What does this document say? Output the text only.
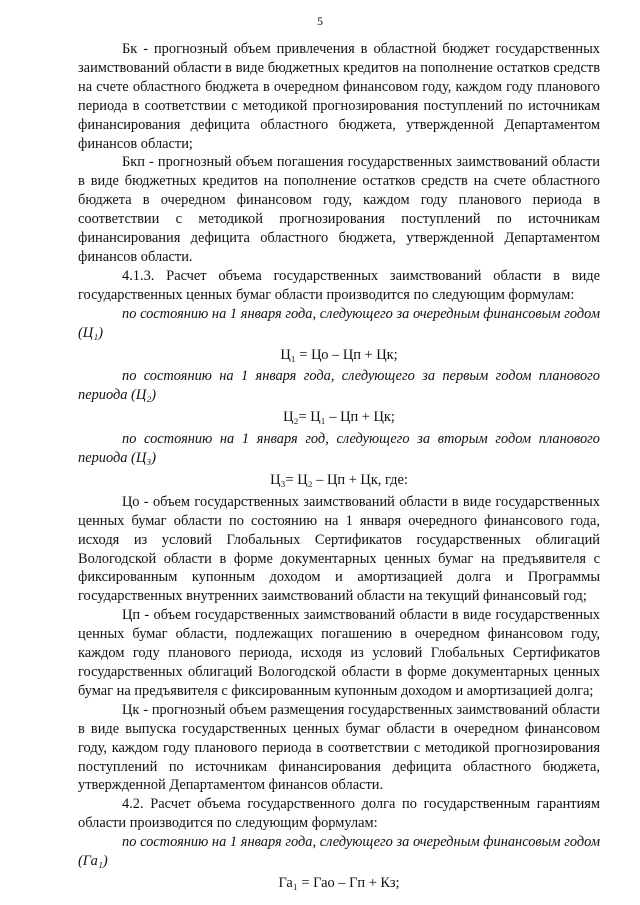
5

Бк - прогнозный объем привлечения в областной бюджет государственных заимствований области в виде бюджетных кредитов на пополнение остатков средств на счете областного бюджета в очередном финансовом году, каждом году планового периода в соответствии с методикой прогнозирования поступлений по источникам финансирования дефицита областного бюджета, утвержденной Департаментом финансов области;

Бкп - прогнозный объем погашения государственных заимствований области в виде бюджетных кредитов на пополнение остатков средств на счете областного бюджета в очередном финансовом году, каждом году планового периода в соответствии с методикой прогнозирования поступлений по источникам финансирования дефицита областного бюджета, утвержденной Департаментом финансов области.

4.1.3. Расчет объема государственных заимствований области в виде государственных ценных бумаг области производится по следующим формулам:

по состоянию на 1 января года, следующего за очередным финансовым годом (Ц₁)

Ц₁ = Цо – Цп + Цк;

по состоянию на 1 января года, следующего за первым годом планового периода (Ц₂)

Ц₂= Ц₁ – Цп + Цк;

по состоянию на 1 января год, следующего за вторым годом планового периода (Ц₃)

Ц₃= Ц₂ – Цп + Цк, где:

Цо - объем государственных заимствований области в виде государственных ценных бумаг области по состоянию на 1 января очередного финансового года, исходя из условий Глобальных Сертификатов государственных облигаций Вологодской области в форме документарных ценных бумаг на предъявителя с фиксированным купонным доходом и амортизацией долга и Программы государственных внутренних заимствований области на текущий финансовый год;

Цп - объем государственных заимствований области в виде государственных ценных бумаг области, подлежащих погашению в очередном финансовом году, каждом году планового периода, исходя из условий Глобальных Сертификатов государственных облигаций Вологодской области в форме документарных ценных бумаг на предъявителя с фиксированным купонным доходом и амортизацией долга;

Цк - прогнозный объем размещения государственных заимствований области в виде выпуска государственных ценных бумаг области в очередном финансовом году, каждом году планового периода в соответствии с методикой прогнозирования поступлений по источникам финансирования дефицита областного бюджета, утвержденной Департаментом финансов области.

4.2. Расчет объема государственного долга по государственным гарантиям области производится по следующим формулам:

по состоянию на 1 января года, следующего за очередным финансовым годом (Га₁)

Га₁ = Гао – Гп + Кз;
